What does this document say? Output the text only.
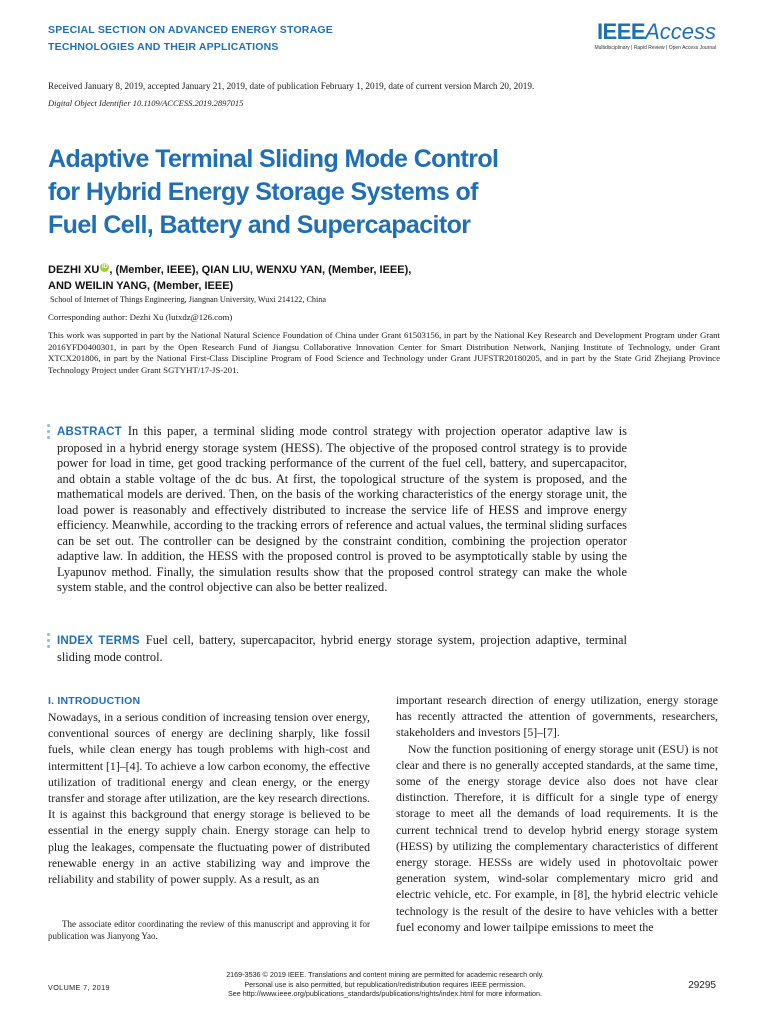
SPECIAL SECTION ON ADVANCED ENERGY STORAGE
TECHNOLOGIES AND THEIR APPLICATIONS
IEEEAccess
Multidisciplinary | Rapid Review | Open Access Journal
Received January 8, 2019, accepted January 21, 2019, date of publication February 1, 2019, date of current version March 20, 2019.
Digital Object Identifier 10.1109/ACCESS.2019.2897015
Adaptive Terminal Sliding Mode Control
for Hybrid Energy Storage Systems of
Fuel Cell, Battery and Supercapacitor
DEZHI XU iD , (Member, IEEE), QIAN LIU, WENXU YAN, (Member, IEEE),
AND WEILIN YANG, (Member, IEEE)
School of Internet of Things Engineering, Jiangnan University, Wuxi 214122, China
Corresponding author: Dezhi Xu (lutxdz@126.com)
This work was supported in part by the National Natural Science Foundation of China under Grant 61503156, in part by the National Key Research and Development Program under Grant 2016YFD0400301, in part by the Open Research Fund of Jiangsu Collaborative Innovation Center for Smart Distribution Network, Nanjing Institute of Technology, under Grant XTCX201806, in part by the National First-Class Discipline Program of Food Science and Technology under Grant JUFSTR20180205, and in part by the State Grid Zhejiang Province Technology Project under Grant SGTYHT/17-JS-201.
ABSTRACT In this paper, a terminal sliding mode control strategy with projection operator adaptive law is proposed in a hybrid energy storage system (HESS). The objective of the proposed control strategy is to provide power for load in time, get good tracking performance of the current of the fuel cell, battery, and supercapacitor, and obtain a stable voltage of the dc bus. At first, the topological structure of the system is proposed, and the mathematical models are derived. Then, on the basis of the working characteristics of the energy storage unit, the load power is reasonably and effectively distributed to increase the service life of HESS and improve energy efficiency. Meanwhile, according to the tracking errors of reference and actual values, the terminal sliding surfaces can be set out. The controller can be designed by the constraint condition, combining the projection operator adaptive law. In addition, the HESS with the proposed control is proved to be asymptotically stable by using the Lyapunov method. Finally, the simulation results show that the proposed control strategy can make the whole system stable, and the control objective can also be better realized.
INDEX TERMS Fuel cell, battery, supercapacitor, hybrid energy storage system, projection adaptive, terminal sliding mode control.
I. INTRODUCTION

Nowadays, in a serious condition of increasing tension over energy, conventional sources of energy are declining sharply, like fossil fuels, while clean energy has tough problems with high-cost and intermittent [1]–[4]. To achieve a low carbon economy, the effective utilization of traditional energy and clean energy, or the energy transfer and storage after utilization, are the key research directions. It is against this background that energy storage is believed to be essential in the energy supply chain. Energy storage can help to plug the leakages, compensate the fluctuating power of distributed renewable energy in an active stabilizing way and improve the reliability and stability of power supply. As a result, as an

important research direction of energy utilization, energy storage has recently attracted the attention of governments, researchers, stakeholders and investors [5]–[7].

Now the function positioning of energy storage unit (ESU) is not clear and there is no generally accepted standards, at the same time, some of the energy storage device also does not have clear distinction. Therefore, it is difficult for a single type of energy storage to meet all the demands of load requirements. It is the current technical trend to develop hybrid energy storage system (HESS) by utilizing the complementary characteristics of different energy storage. HESSs are widely used in photovoltaic power generation system, wind-solar complementary micro grid and electric vehicle, etc. For example, in [8], the hybrid electric vehicle technology is the result of the desire to have vehicles with a better fuel economy and lower tailpipe emissions to meet the

The associate editor coordinating the review of this manuscript and approving it for publication was Jianyong Yao.
VOLUME 7, 2019
2169-3536 © 2019 IEEE. Translations and content mining are permitted for academic research only.
Personal use is also permitted, but republication/redistribution requires IEEE permission.
See http://www.ieee.org/publications_standards/publications/rights/index.html for more information.
29295
